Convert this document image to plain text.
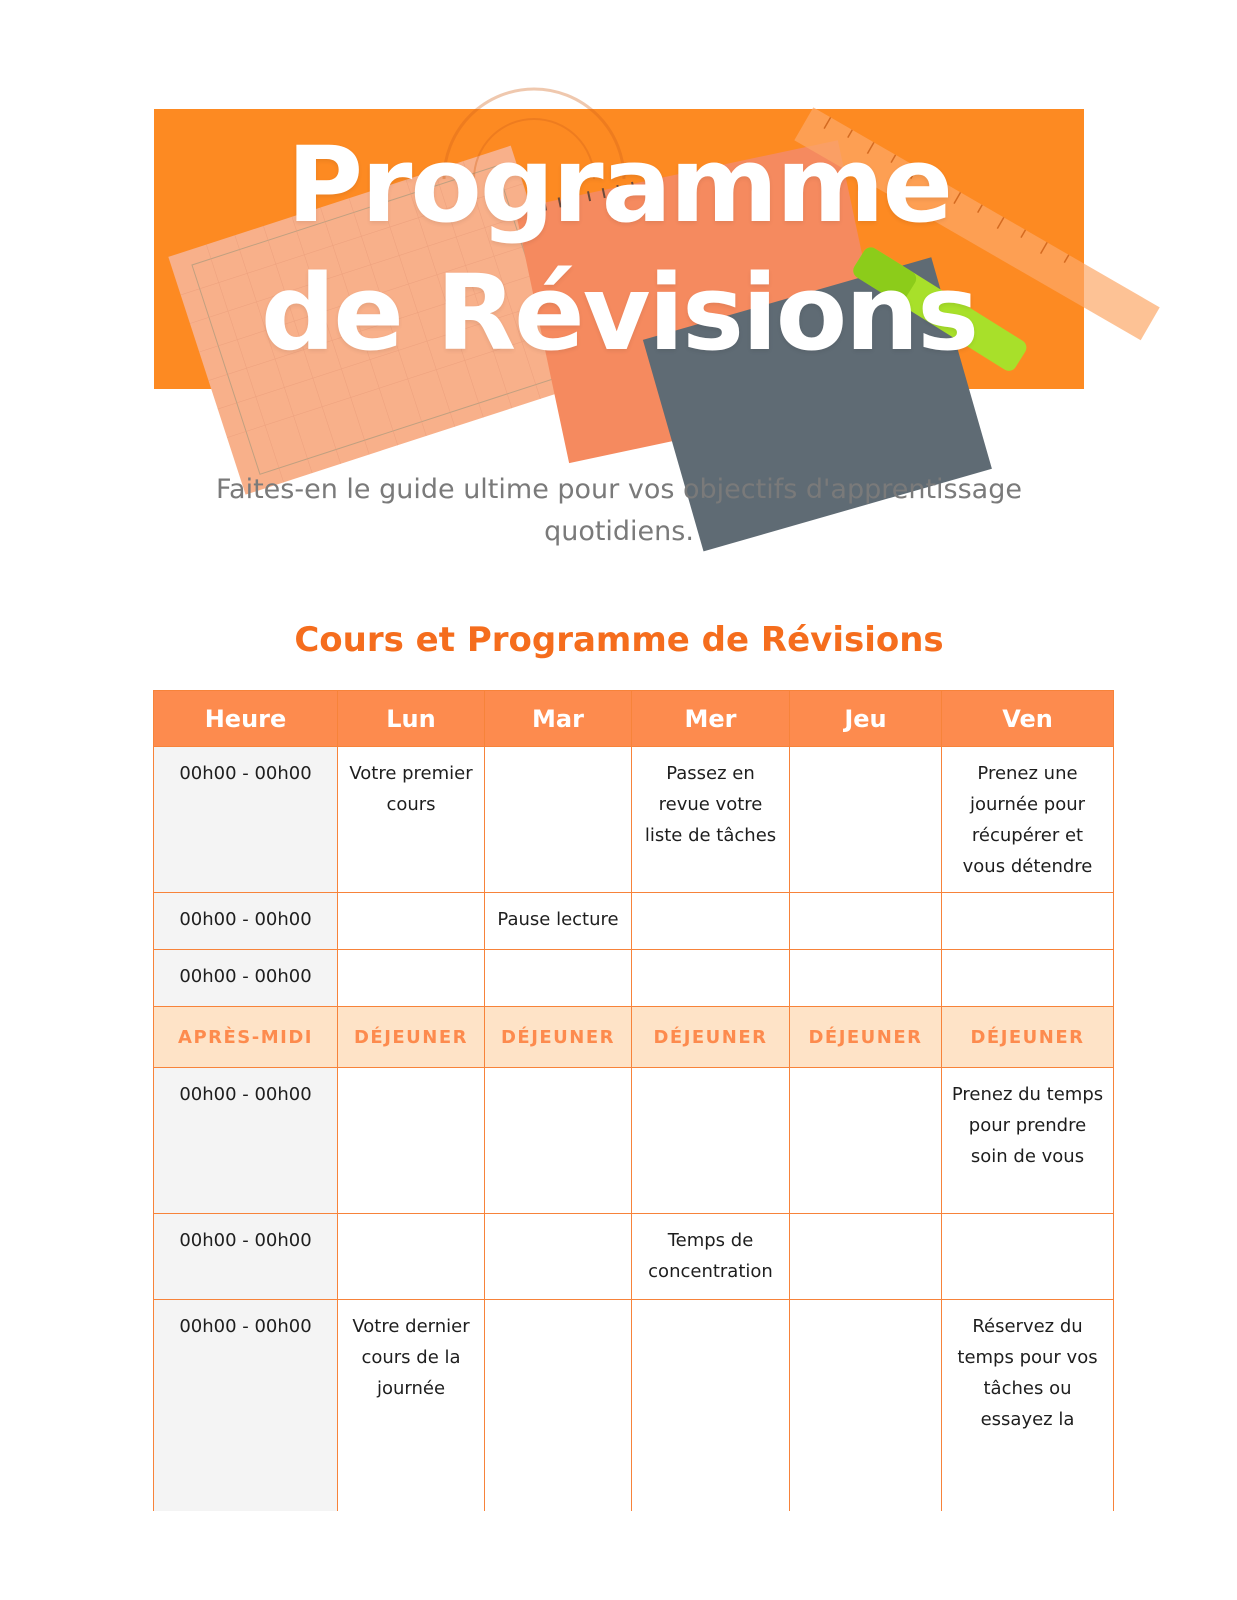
Programme
de Révisions

Faites-en le guide ultime pour vos objectifs d'apprentissage quotidiens.

Cours et Programme de Révisions
Heure	Lun	Mar	Mer	Jeu	Ven
00h00 - 00h00	Votre premier cours		Passez en revue votre liste de tâches		Prenez une journée pour récupérer et vous détendre
00h00 - 00h00		Pause lecture			
00h00 - 00h00					
APRÈS-MIDI	DÉJEUNER	DÉJEUNER	DÉJEUNER	DÉJEUNER	DÉJEUNER
00h00 - 00h00					Prenez du temps pour prendre soin de vous
00h00 - 00h00			Temps de concentration		
00h00 - 00h00	Votre dernier cours de la journée				Réservez du temps pour vos tâches ou essayez la
